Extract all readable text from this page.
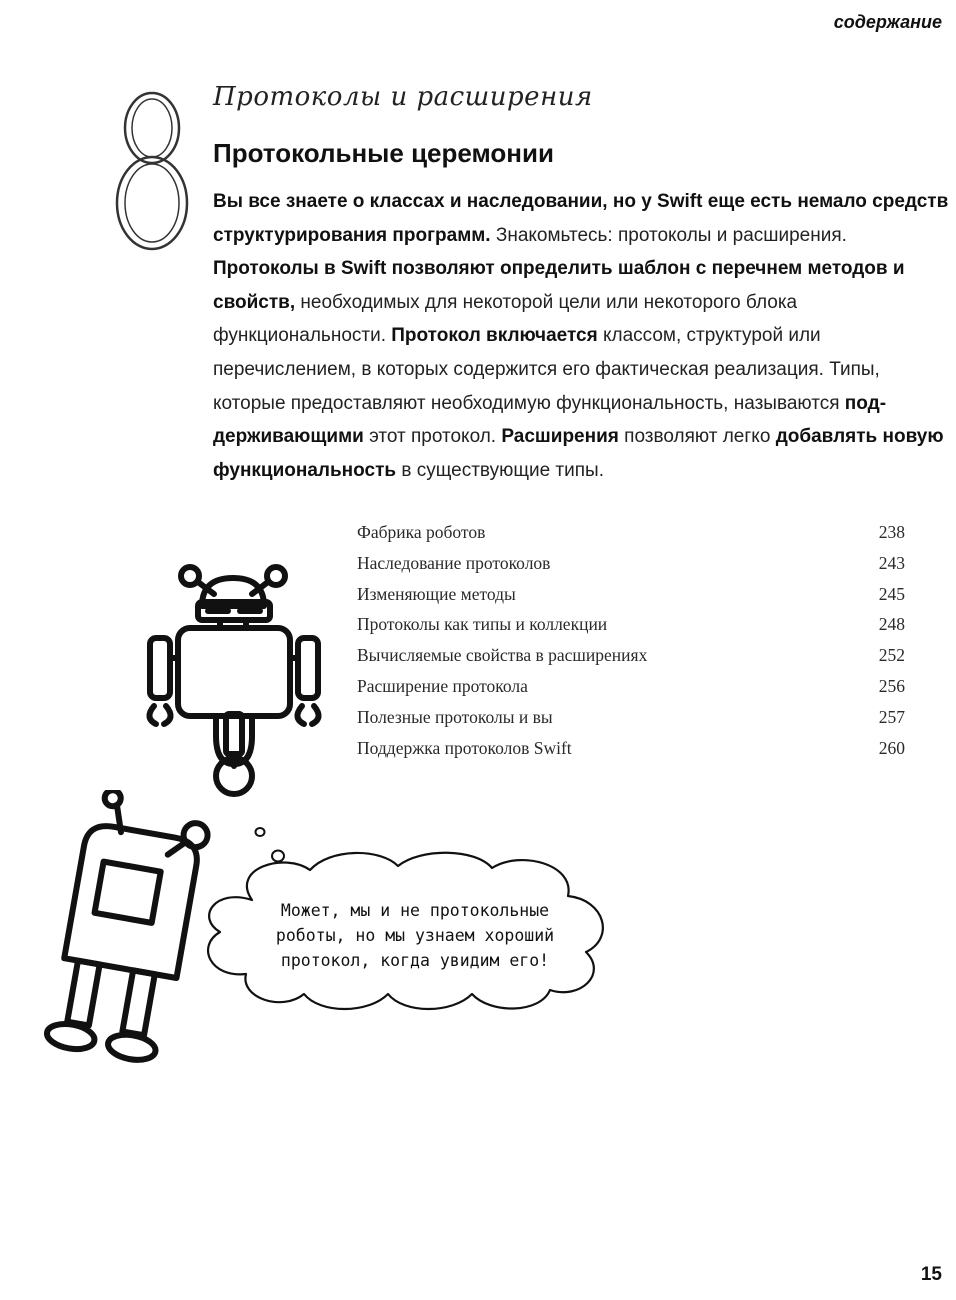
содержание
Протоколы и расширения
Протокольные церемонии

Вы все знаете о классах и наследовании, но у Swift еще есть немало средств структурирования программ. Знакомьтесь: протоколы и расширения. Протоколы в Swift позволяют определить шаблон с перечнем методов и свойств, необходимых для некоторой цели или некоторого блока функциональности. Протокол включается классом, структурой или перечислением, в которых содержится его фактическая реализация. Типы, которые предоставляют необходимую функциональность, называются поддерживающими этот протокол. Расширения позволяют легко добавлять новую функциональность в существующие типы.

Фабрика роботов	238
Наследование протоколов	243
Изменяющие методы	245
Протоколы как типы и коллекции	248
Вычисляемые свойства в расширениях	252
Расширение протокола	256
Полезные протоколы и вы	257
Поддержка протоколов Swift	260
Может, мы и не протокольные
роботы, но мы узнаем хороший
протокол, когда увидим его!
15
